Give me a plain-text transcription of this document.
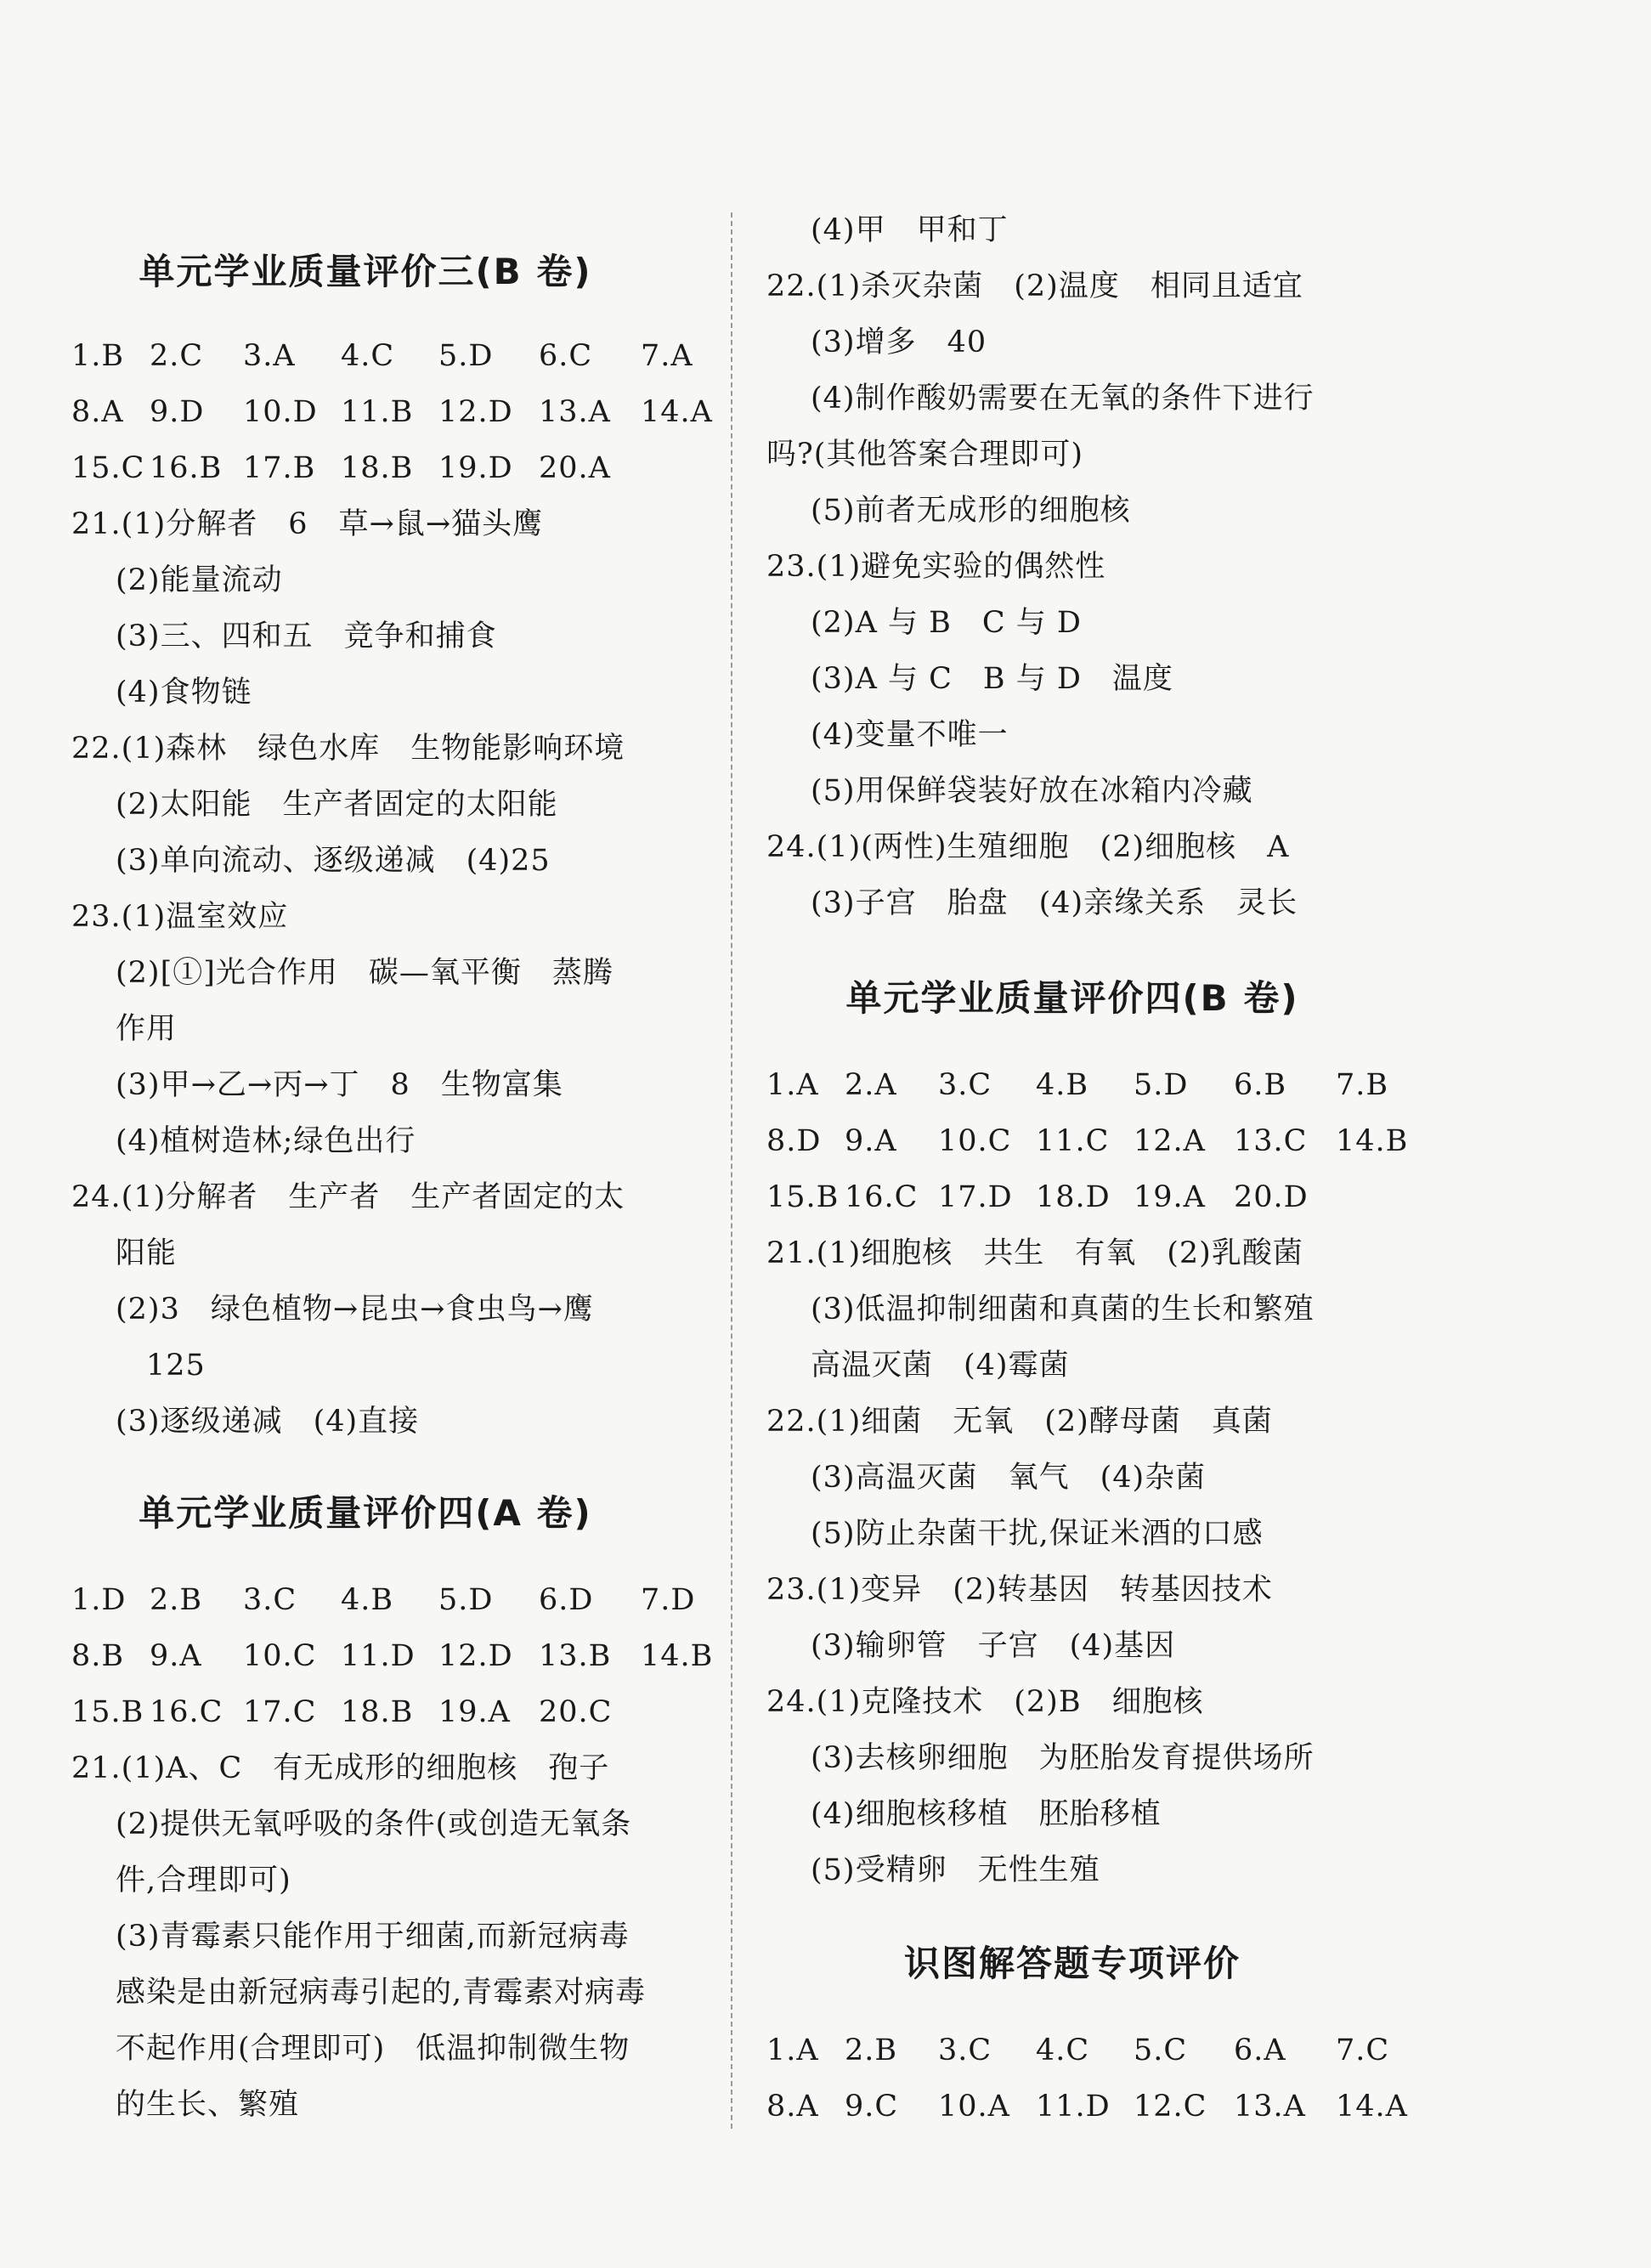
单元学业质量评价三(B 卷)

1.B 2.C 3.A 4.C 5.D 6.C 7.A

8.A 9.D 10.D 11.B 12.D 13.A 14.A

15.C 16.B 17.B 18.B 19.D 20.A

21.(1)分解者　6　草→鼠→猫头鹰

(2)能量流动

(3)三、四和五　竞争和捕食

(4)食物链

22.(1)森林　绿色水库　生物能影响环境

(2)太阳能　生产者固定的太阳能

(3)单向流动、逐级递减　(4)25

23.(1)温室效应

(2)[①]光合作用　碳—氧平衡　蒸腾

作用

(3)甲→乙→丙→丁　8　生物富集

(4)植树造林;绿色出行

24.(1)分解者　生产者　生产者固定的太

阳能

(2)3　绿色植物→昆虫→食虫鸟→鹰

125

(3)逐级递减　(4)直接

单元学业质量评价四(A 卷)

1.D 2.B 3.C 4.B 5.D 6.D 7.D

8.B 9.A 10.C 11.D 12.D 13.B 14.B

15.B 16.C 17.C 18.B 19.A 20.C

21.(1)A、C　有无成形的细胞核　孢子

(2)提供无氧呼吸的条件(或创造无氧条

件,合理即可)

(3)青霉素只能作用于细菌,而新冠病毒

感染是由新冠病毒引起的,青霉素对病毒

不起作用(合理即可)　低温抑制微生物

的生长、繁殖

(4)甲　甲和丁

22.(1)杀灭杂菌　(2)温度　相同且适宜

(3)增多　40

(4)制作酸奶需要在无氧的条件下进行

吗?(其他答案合理即可)

(5)前者无成形的细胞核

23.(1)避免实验的偶然性

(2)A 与 B　C 与 D

(3)A 与 C　B 与 D　温度

(4)变量不唯一

(5)用保鲜袋装好放在冰箱内冷藏

24.(1)(两性)生殖细胞　(2)细胞核　A

(3)子宫　胎盘　(4)亲缘关系　灵长

单元学业质量评价四(B 卷)

1.A 2.A 3.C 4.B 5.D 6.B 7.B

8.D 9.A 10.C 11.C 12.A 13.C 14.B

15.B 16.C 17.D 18.D 19.A 20.D

21.(1)细胞核　共生　有氧　(2)乳酸菌

(3)低温抑制细菌和真菌的生长和繁殖

高温灭菌　(4)霉菌

22.(1)细菌　无氧　(2)酵母菌　真菌

(3)高温灭菌　氧气　(4)杂菌

(5)防止杂菌干扰,保证米酒的口感

23.(1)变异　(2)转基因　转基因技术

(3)输卵管　子宫　(4)基因

24.(1)克隆技术　(2)B　细胞核

(3)去核卵细胞　为胚胎发育提供场所

(4)细胞核移植　胚胎移植

(5)受精卵　无性生殖

识图解答题专项评价

1.A 2.B 3.C 4.C 5.C 6.A 7.C

8.A 9.C 10.A 11.D 12.C 13.A 14.A
